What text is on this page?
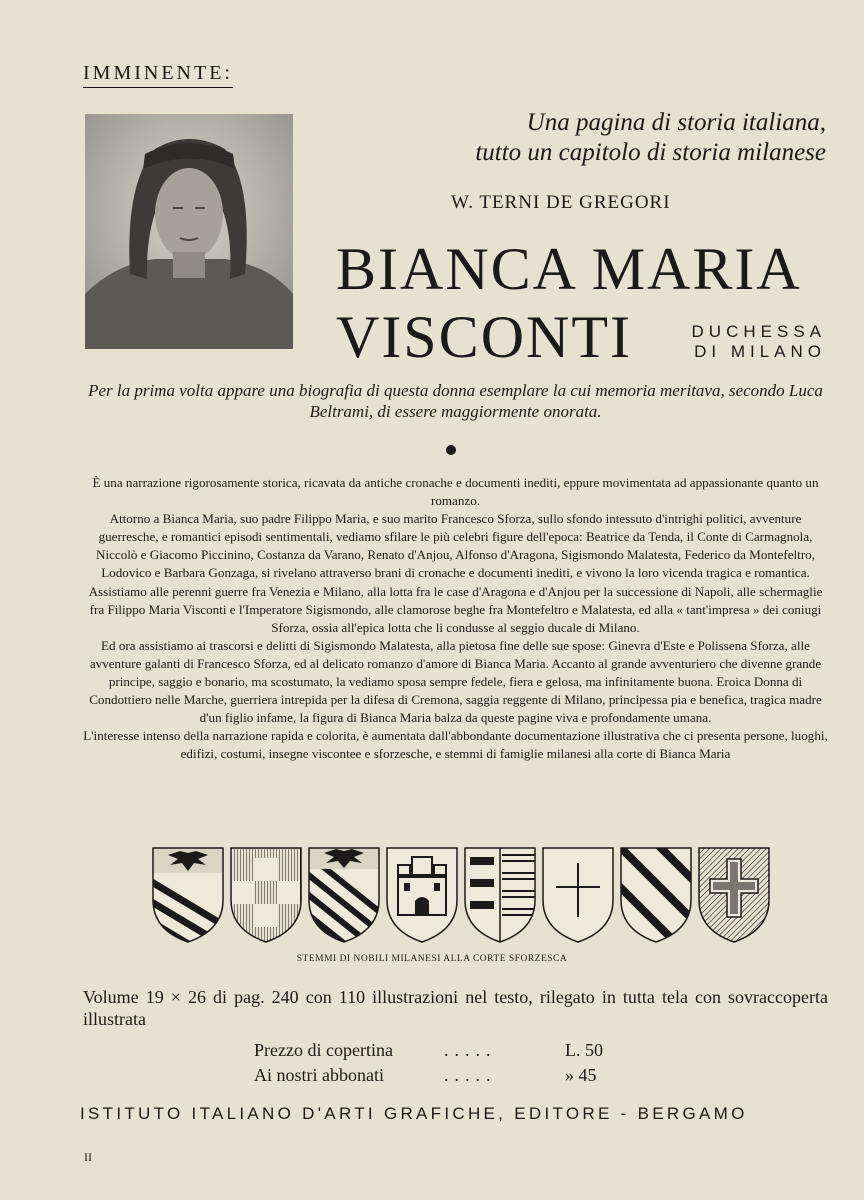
IMMINENTE:
Una pagina di storia italiana,
tutto un capitolo di storia milanese
W. TERNI DE GREGORI
BIANCA MARIA
VISCONTI	DUCHESSA
DI MILANO
Per la prima volta appare una biografia di questa donna esemplare la cui memoria meritava, secondo Luca Beltrami, di essere maggiormente onorata.

È una narrazione rigorosamente storica, ricavata da antiche cronache e documenti inediti, eppure movimentata ad appassionante quanto un romanzo.

Attorno a Bianca Maria, suo padre Filippo Maria, e suo marito Francesco Sforza, sullo sfondo intessuto d'intrighi politici, avventure guerresche, e romantici episodi sentimentali, vediamo sfilare le più celebri figure dell'epoca: Beatrice da Tenda, il Conte di Carmagnola, Niccolò e Giacomo Piccinino, Costanza da Varano, Renato d'Anjou, Alfonso d'Aragona, Sigismondo Malatesta, Federico da Montefeltro, Lodovico e Barbara Gonzaga, si rivelano attraverso brani di cronache e documenti inediti, e vivono la loro vicenda tragica e romantica.

Assistiamo alle perenni guerre fra Venezia e Milano, alla lotta fra le case d'Aragona e d'Anjou per la successione di Napoli, alle schermaglie fra Filippo Maria Visconti e l'Imperatore Sigismondo, alle clamorose beghe fra Montefeltro e Malatesta, ed alla « tant'impresa » dei coniugi Sforza, ossia all'epica lotta che li condusse al seggio ducale di Milano.

Ed ora assistiamo ai trascorsi e delitti di Sigismondo Malatesta, alla pietosa fine delle sue spose: Ginevra d'Este e Polissena Sforza, alle avventure galanti di Francesco Sforza, ed al delicato romanzo d'amore di Bianca Maria. Accanto al grande avventuriero che divenne grande principe, saggio e bonario, ma scostumato, la vediamo sposa sempre fedele, fiera e gelosa, ma infinitamente buona. Eroica Donna di Condottiero nelle Marche, guerriera intrepida per la difesa di Cremona, saggia reggente di Milano, principessa pia e benefica, tragica madre d'un figlio infame, la figura di Bianca Maria balza da queste pagine viva e profondamente umana.

L'interesse intenso della narrazione rapida e colorita, è aumentata dall'abbondante documentazione illustrativa che ci presenta persone, luoghi, edifizi, costumi, insegne viscontee e sforzesche, e stemmi di famiglie milanesi alla corte di Bianca Maria

STEMMI DI NOBILI MILANESI ALLA CORTE SFORZESCA
Volume 19 × 26 di pag. 240 con 110 illustrazioni nel testo, rilegato in tutta tela con sovraccoperta illustrata
Prezzo di copertina	.....	L. 50
Ai nostri abbonati	.....	» 45
ISTITUTO ITALIANO D'ARTI GRAFICHE, EDITORE - BERGAMO
II
